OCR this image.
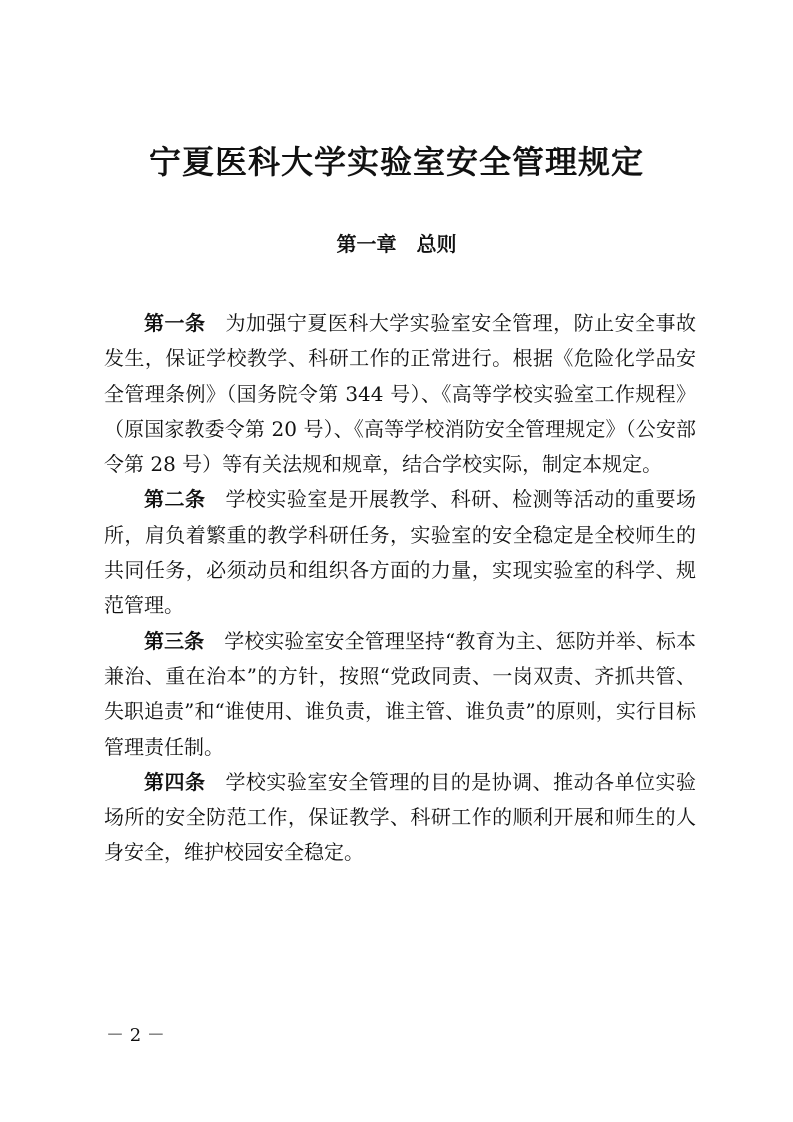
宁夏医科大学实验室安全管理规定
第一章 总则

第一条 为加强宁夏医科大学实验室安全管理，防止安全事故发生，保证学校教学、科研工作的正常进行。根据《危险化学品安全管理条例》（国务院令第 344 号）、《高等学校实验室工作规程》（原国家教委令第 20 号）、《高等学校消防安全管理规定》（公安部令第 28 号）等有关法规和规章，结合学校实际，制定本规定。

第二条 学校实验室是开展教学、科研、检测等活动的重要场所，肩负着繁重的教学科研任务，实验室的安全稳定是全校师生的共同任务，必须动员和组织各方面的力量，实现实验室的科学、规范管理。

第三条 学校实验室安全管理坚持“教育为主、惩防并举、标本兼治、重在治本”的方针，按照“党政同责、一岗双责、齐抓共管、失职追责”和“谁使用、谁负责，谁主管、谁负责”的原则，实行目标管理责任制。

第四条 学校实验室安全管理的目的是协调、推动各单位实验场所的安全防范工作，保证教学、科研工作的顺利开展和师生的人身安全，维护校园安全稳定。

－ 2 －
